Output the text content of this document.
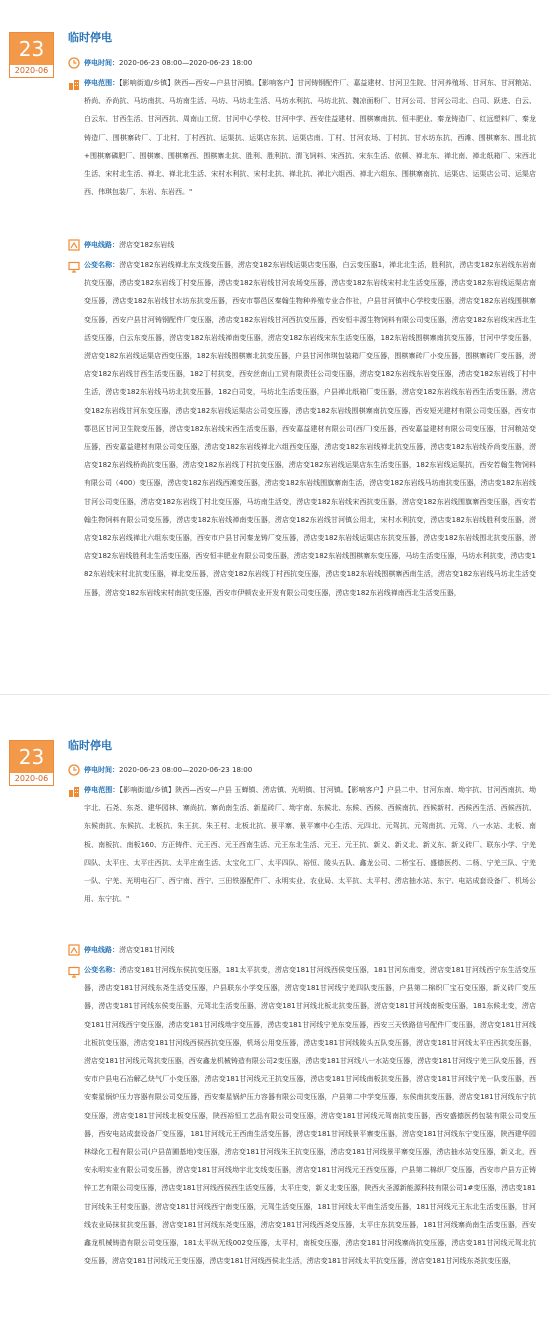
23
2020-06
临时停电
停电时间：2020-06-23 08:00—2020-06-23 18:00
停电范围：【影响街道/乡镇】陕西—西安—户县甘河镇。【影响客户】甘河铸钢配件厂、嘉益建材、甘河卫生院、甘河养殖场、甘河东、甘河粮站、桥尚、乔尚抗、马坊南抗、马坊南生活、马坊、马坊北生活、马坊水利抗、马坊北抗、魏凉面粉厂、甘河公司、甘河公司北、白司、跃进、白云、白云东、甘西生活、甘河西抗、周南山工贸、甘河中心学校、甘河中学、西安佳益建材、围棋寨南抗、恒丰肥业、秦龙铸造厂、红远塑料厂、秦龙铸造厂、围棋寨砖厂、丁北村、丁村西抗、运渠抗、运渠店东抗、运渠店南、丁村、甘河农场、丁村抗、甘水坊东抗、西滩、围棋寨东、围北抗+围棋寨磷肥厂、围棋寨、围棋寨西、围棋寨北抗、胜利、胜利抗、渭飞饲料、宋西抗、宋东生活、依顿、禅北东、禅北南、禅北纸箱厂、宋西北生活、宋村北生活、禅北、禅北北生活、宋村水利抗、宋村北抗、禅北抗、禅北六组西、禅北六组东、围棋寨南抗、运渠店、运渠店公司、运渠店西、伟琪包装厂、东岩、东岩西。"
停电线路：涝店变182东岩线
公变名称：涝店变182东岩线禅北东支线变压器，涝店变182东岩线运渠店变压器，白云变压器1，禅北北生活，胜利抗，涝店变182东岩线东岩南抗变压器，涝店变182东岩线丁村变压器，涝店变182东岩线甘河农场变压器，涝店变182东岩线宋村北生活变压器，涝店变182东岩线运渠店南变压器，涝店变182东岩线甘水坊东抗变压器，西安市鄠邑区秦翰生物种养殖专业合作社，户县甘河镇中心学校变压器，涝店变182东岩线围棋寨变压器，西安户县甘河铸钢配件厂变压器，涝店变182东岩线甘河西抗变压器，西安恒丰源生物饲料有限公司变压器，涝店变182东岩线宋西北生活变压器，白云东变压器，涝店变182东岩线禅南变压器，涝店变182东岩线宋东生活变压器，182东岩线围棋寨南抗变压器，甘河中学变压器，涝店变182东岩线运渠店西变压器，182东岩线围棋寨北抗变压器，户县甘河伟琪包装箱厂变压器，围棋寨砖厂小变压器，围棋寨砖厂变压器，涝店变182东岩线甘西生活变压器，182丁村抗变，西安丝南山工贸有限责任公司变压器，涝店变182东岩线东岩变压器，涝店变182东岩线丁村中生活，涝店变182东岩线马坊北抗变压器，182白司变，马坊北生活变压器，户县禅北纸箱厂变压器，涝店变182东岩线东岩西生活变压器，涝店变182东岩线甘河东变压器，涝店变182东岩线运渠店公司变压器，涝店变182东岩线围棋寨南抗变压器，西安短光建材有限公司变压器，西安市鄠邑区甘河卫生院变压器，涝店变182东岩线宋西生活变压器，西安嘉益建材有限公司(西厂)变压器，西安嘉益建材有限公司变压器，甘河粮站变压器，西安嘉益建材有限公司变压器，涝店变182东岩线禅北六组西变压器，涝店变182东岩线禅北抗变压器，涝店变182东岩线乔尚变压器，涝店变182东岩线桥尚抗变压器，涝店变182东岩线丁村抗变压器，涝店变182东岩线运渠店东生活变压器，182东岩线运渠抗，西安若翰生物饲料有限公司（400）变压器，涝店变182东岩线西滩变压器，涝店变182东岩线围旗寨南生活，涝店变182东岩线马坊南抗变压器，涝店变182东岩线甘河公司变压器，涝店变182东岩线丁村北变压器，马坊南生活变，涝店变182东岩线宋西抗变压器，涝店变182东岩线围旗寨西变压器，西安若翰生物饲料有限公司变压器，涝店变182东岩线禅南变压器，涝店变182东岩线甘河镇公用北，宋村水利抗变，涝店变182东岩线胜利变压器，涝店变182东岩线禅北六组东变压器，西安市户县甘河秦龙铸厂变压器，涝店变182东岩线运渠店东抗变压器，涝店变182东岩线围北抗变压器，涝店变182东岩线胜利北生活变压器，西安恒丰肥业有限公司变压器，涝店变182东岩线围棋寨东变压器，马坊生活变压器，马坊水利抗变，涝店变182东岩线宋村北抗变压器，禅北变压器，涝店变182东岩线丁村西抗变压器，涝店变182东岩线围棋寨西南生活，涝店变182东岩线马坊北生活变压器，涝店变182东岩线宋村南抗变压器，西安市伊顿农业开发有限公司变压器，涝店变182东岩线禅南西北生活变压器，
23
2020-06
临时停电
停电时间：2020-06-23 08:00—2020-06-23 18:00
停电范围：【影响街道/乡镇】陕西—西安—户县 玉蝉镇、涝店镇、光明镇、甘河镇。【影响客户】户县二中、甘河东南、坳宇抗、甘河西南抗、坳宇北、石尧、东尧、建华园林、寨尚抗、寨尚南生活、新星砖厂、坳宇南、东候北、东候、西候、西候南抗、西候新村、西候西生活、西候西抗、东候南抗、东候抗、北板抗、朱王抗、朱王村、北板北抗、景平寨、景平寨中心生活、元四北、元驾抗、元驾南抗、元驾、八一水站、北板、南板、南板抗、南板160、方正铸件、元王西、元王西南生活、元王东北生活、元王、元王抗、新义、新义北、新义东、新义砖厂、联东小学、宁羌四队、太平庄、太平庄西抗、太平庄南生活、太宝化工厂、太平四队、裕恒、陵头五队、鑫龙公司、二桥宝石、盛德医药、二杨、宁羌三队、宁羌一队、宁羌、光明电石厂、西宁南、西宁、三田铁器配件厂、永明实业、农业局、太平抗、太平村、涝店抽水站、东宁、电站成套设备厂、机场公用、东宁抗。"
停电线路：涝店变181甘河线
公变名称：涝店变181甘河线东侯抗变压器，181太平抗变，涝店变181甘河线西侯变压器，181甘河东南变，涝店变181甘河线西宁东生活变压器，涝店变181甘河线东尧生活变压器，户县联东小学变压器，涝店变181甘河线宁羌四队变压器，户县第二棉织厂宝石变压器，新义砖厂变压器，涝店变181甘河线东侯变压器，元驾北生活变压器，涝店变181甘河线北板北抗变压器，涝店变181甘河线南板变压器，181东候北变，涝店变181甘河线西宁变压器，涝店变181甘河线坳宇变压器，涝店变181甘河线宁羌东变压器，西安三天铁路信号配件厂变压器，涝店变181甘河线北板抗变压器，涝店变181甘河线西侯西抗变压器，机场公用变压器，涝店变181甘河线陵头五队变压器，涝店变181甘河线太平庄西抗变压器，涝店变181甘河线元驾抗变压器，西安鑫龙机械铸造有限公司2变压器，涝店变181甘河线八一水站变压器，涝店变181甘河线宁羌三队变压器，西安市户县电石冶解乙炔气厂小变压器，涝店变181甘河线元王抗变压器，涝店变181甘河线南板抗变压器，涝店变181甘河线宁羌一队变压器，西安秦星锅炉压力容器有限公司变压器，西安秦星锅炉压力容器有限公司变压器，户县第二中学变压器，东侯南抗变压器，涝店变181甘河线东宁抗变压器，涝店变181甘河线北板变压器，陕西裕恒工艺品有限公司变压器，涝店变181甘河线元驾南抗变压器，西安盛德医药包装有限公司变压器，西安电站成套设备厂变压器，181甘河线元王西南生活变压器，涝店变181甘河线景平寨变压器，涝店变181甘河线东宁变压器，陕西建华园林绿化工程有限公司(户县苗圃基地)变压器，涝店变181甘河线朱王抗变压器，涝店变181甘河线景平寨变压器，涝店抽水站变压器，新义北，西安永明实业有限公司变压器，涝店变181甘河线坳宇北支线变压器，涝店变181甘河线元王西变压器，户县第二棉织厂变压器，西安市户县方正铸锌工艺有限公司变压器，涝店变181甘河线西侯西生活变压器，太平庄变，新义北变压器，陕西火圣源新能源科技有限公司1#变压器，涝店变181甘河线朱王村变压器，涝店变181甘河线西宁南变压器，元驾生活变压器，181甘河线太平南生活变压器，181甘河线元王东北生活变压器，甘河线农业局抹贫抗变压器，涝店变181甘河线东尧变压器，涝店变181甘河线西尧变压器，太平庄东抗变压器，181甘河线寨尚南生活变压器，西安鑫龙机械铸造有限公司变压器，181太平纵无线002变压器，太平村，南板变压器，涝店变181甘河线寨尚抗变压器，涝店变181甘河线元驾北抗变压器，涝店变181甘河线元王变压器，涝店变181甘河线西侯北生活，涝店变181甘河线太平抗变压器，涝店变181甘河线东尧抗变压器，
